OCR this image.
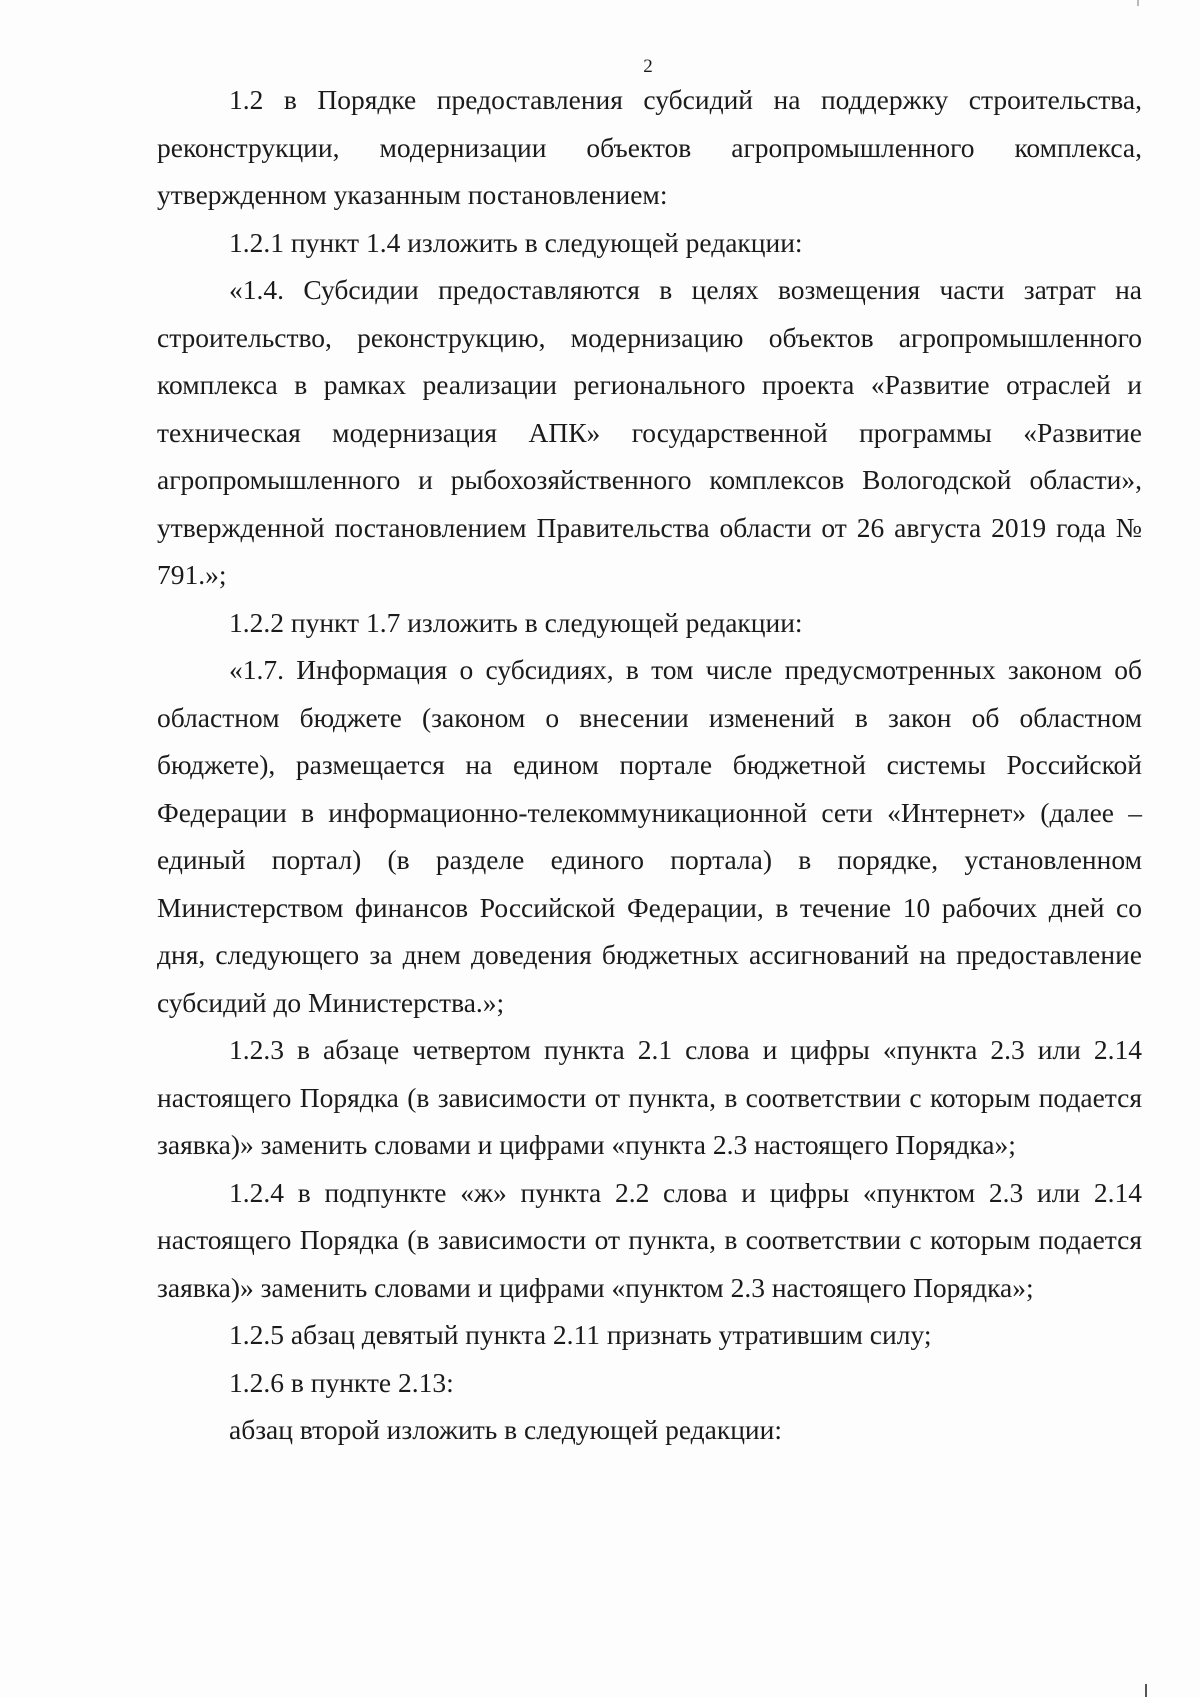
2

1.2 в Порядке предоставления субсидий на поддержку строительства, реконструкции, модернизации объектов агропромышленного комплекса, утвержденном указанным постановлением:

1.2.1 пункт 1.4 изложить в следующей редакции:

«1.4. Субсидии предоставляются в целях возмещения части затрат на строительство, реконструкцию, модернизацию объектов агропромышленного комплекса в рамках реализации регионального проекта «Развитие отраслей и техническая модернизация АПК» государственной программы «Развитие агропромышленного и рыбохозяйственного комплексов Вологодской области», утвержденной постановлением Правительства области от 26 августа 2019 года № 791.»;

1.2.2 пункт 1.7 изложить в следующей редакции:

«1.7. Информация о субсидиях, в том числе предусмотренных законом об областном бюджете (законом о внесении изменений в закон об областном бюджете), размещается на едином портале бюджетной системы Российской Федерации в информационно-телекоммуникационной сети «Интернет» (далее – единый портал) (в разделе единого портала) в порядке, установленном Министерством финансов Российской Федерации, в течение 10 рабочих дней со дня, следующего за днем доведения бюджетных ассигнований на предоставление субсидий до Министерства.»;

1.2.3 в абзаце четвертом пункта 2.1 слова и цифры «пункта 2.3 или 2.14 настоящего Порядка (в зависимости от пункта, в соответствии с которым подается заявка)» заменить словами и цифрами «пункта 2.3 настоящего Порядка»;

1.2.4 в подпункте «ж» пункта 2.2 слова и цифры «пунктом 2.3 или 2.14 настоящего Порядка (в зависимости от пункта, в соответствии с которым подается заявка)» заменить словами и цифрами «пунктом 2.3 настоящего Порядка»;

1.2.5 абзац девятый пункта 2.11 признать утратившим силу;

1.2.6 в пункте 2.13:

абзац второй изложить в следующей редакции:
